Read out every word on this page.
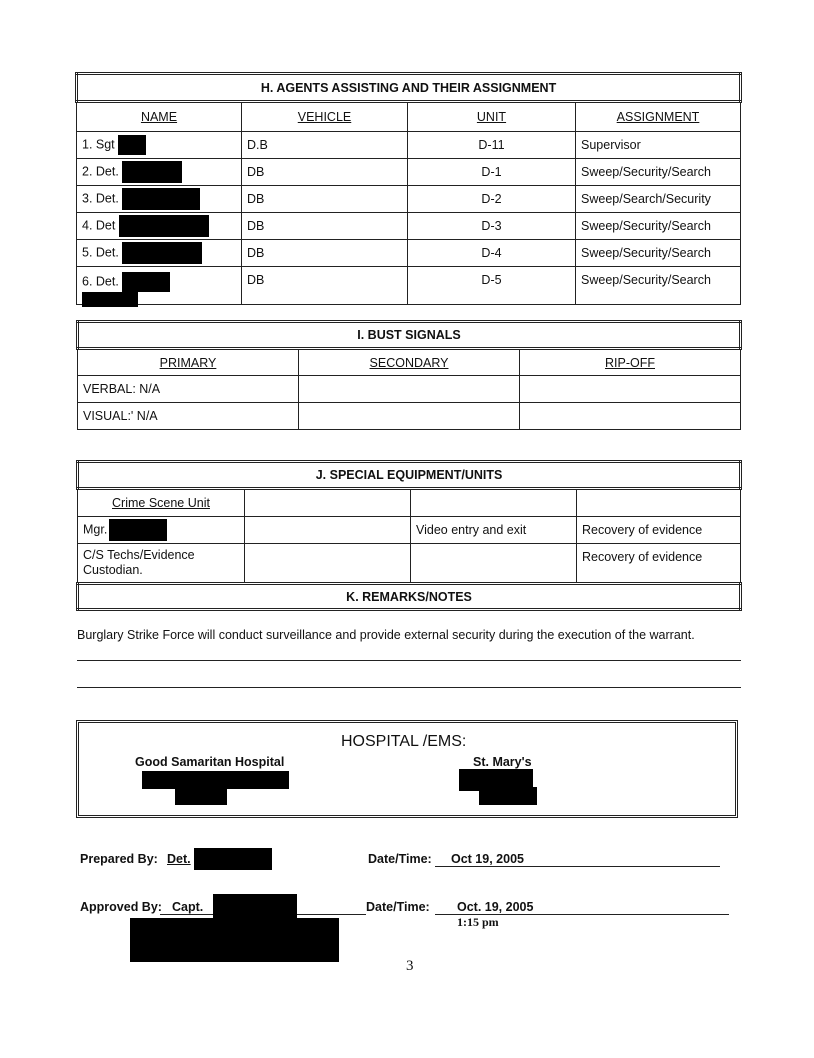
H. AGENTS ASSISTING AND THEIR ASSIGNMENT			
NAME	VEHICLE	UNIT	ASSIGNMENT
1. Sgt	D.B	D-11	Supervisor
2. Det.	DB	D-1	Sweep/Security/Search
3. Det.	DB	D-2	Sweep/Search/Security
4. Det	DB	D-3	Sweep/Security/Search
5. Det.	DB	D-4	Sweep/Security/Search
6. Det.	DB	D-5	Sweep/Security/Search
I. BUST SIGNALS		
PRIMARY	SECONDARY	RIP-OFF
VERBAL: N/A		
VISUAL:' N/A		
J. SPECIAL EQUIPMENT/UNITS			
Crime Scene Unit			
Mgr.		Video entry and exit	Recovery of evidence
C/S Techs/Evidence Custodian.			Recovery of evidence
K. REMARKS/NOTES			
Burglary Strike Force will conduct surveillance and provide external security during the execution of the warrant.
HOSPITAL /EMS:
Good Samaritan Hospital	St. Mary's
Prepared By: Det.	Date/Time: Oct 19, 2005
Approved By: Capt.	Date/Time: Oct. 19, 2005
1:15 pm
3
